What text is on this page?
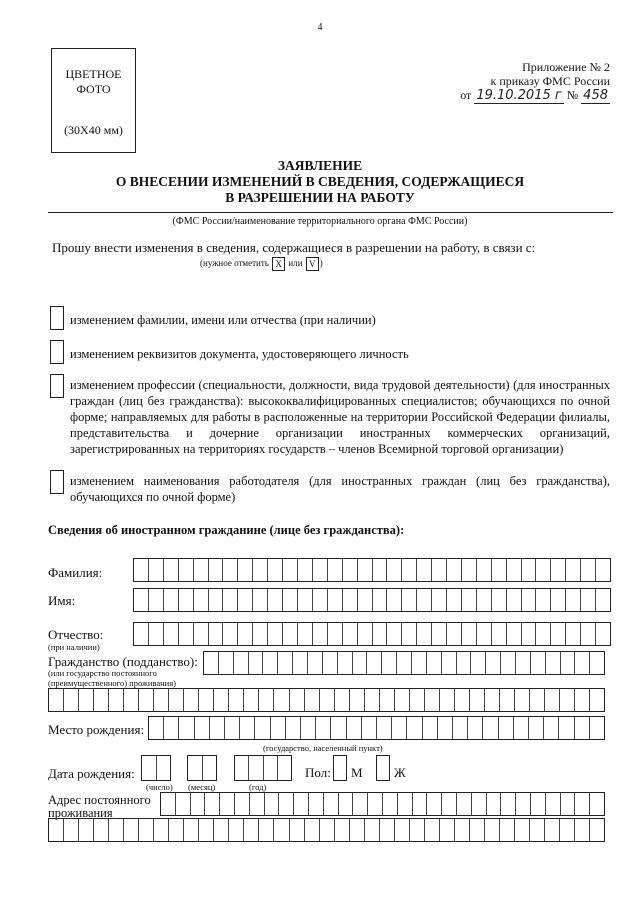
4
ЦВЕТНОЕ
ФОТО
(30Х40 мм)
Приложение № 2
к приказу ФМС России
от 19.10.2015 г № 458
ЗАЯВЛЕНИЕ
О ВНЕСЕНИИ ИЗМЕНЕНИЙ В СВЕДЕНИЯ, СОДЕРЖАЩИЕСЯ
В РАЗРЕШЕНИИ НА РАБОТУ
(ФМС России/наименование территориального органа ФМС России)
Прошу внести изменения в сведения, содержащиеся в разрешении на работу, в связи с:
(нужное отметить X или V )
изменением фамилии, имени или отчества (при наличии)
изменением реквизитов документа, удостоверяющего личность
изменением профессии (специальности, должности, вида трудовой деятельности) (для иностранных граждан (лиц без гражданства): высококвалифицированных специалистов; обучающихся по очной форме; направляемых для работы в расположенные на территории Российской Федерации филиалы, представительства и дочерние организации иностранных коммерческих организаций, зарегистрированных на территориях государств – членов Всемирной торговой организации)
изменением наименования работодателя (для иностранных граждан (лиц без гражданства), обучающихся по очной форме)
Сведения об иностранном гражданине (лице без гражданства):
Фамилия:
Имя:
Отчество:
(при наличии)
Гражданство (подданство):
(или государство постоянного
(преимущественного) проживания)
Место рождения:
(государство, населенный пункт)
Дата рождения:
(число) (месяц)	(год)
Пол: М Ж
Адрес постоянного
проживания
